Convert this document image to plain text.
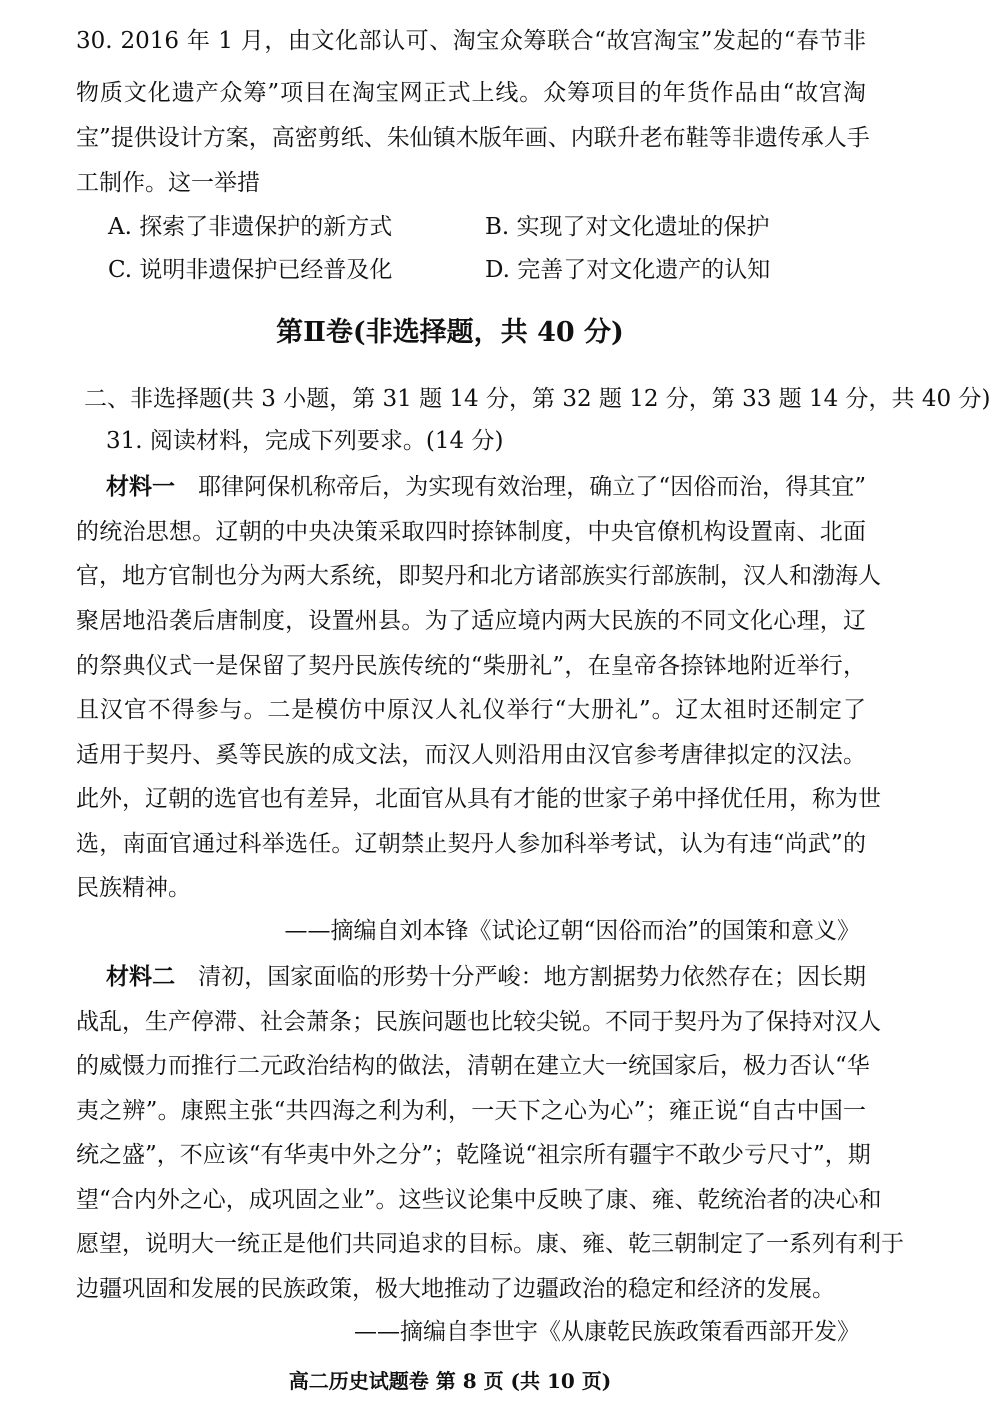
30. 2016 年 1 月，由文化部认可、淘宝众筹联合“故宫淘宝”发起的“春节非
物质文化遗产众筹”项目在淘宝网正式上线。众筹项目的年货作品由“故宫淘
宝”提供设计方案，高密剪纸、朱仙镇木版年画、内联升老布鞋等非遗传承人手
工制作。这一举措
A. 探索了非遗保护的新方式	B. 实现了对文化遗址的保护
C. 说明非遗保护已经普及化	D. 完善了对文化遗产的认知
第Ⅱ卷(非选择题，共 40 分)
二、非选择题(共 3 小题，第 31 题 14 分，第 32 题 12 分，第 33 题 14 分，共 40 分)
31. 阅读材料，完成下列要求。(14 分)
材料一　 耶律阿保机称帝后，为实现有效治理，确立了“因俗而治，得其宜”
的统治思想。辽朝的中央决策采取四时捺钵制度，中央官僚机构设置南、北面
官，地方官制也分为两大系统，即契丹和北方诸部族实行部族制，汉人和渤海人
聚居地沿袭后唐制度，设置州县。为了适应境内两大民族的不同文化心理，辽
的祭典仪式一是保留了契丹民族传统的“柴册礼”，在皇帝各捺钵地附近举行，
且汉官不得参与。二是模仿中原汉人礼仪举行“大册礼”。辽太祖时还制定了
适用于契丹、奚等民族的成文法，而汉人则沿用由汉官参考唐律拟定的汉法。
此外，辽朝的选官也有差异，北面官从具有才能的世家子弟中择优任用，称为世
选，南面官通过科举选任。辽朝禁止契丹人参加科举考试，认为有违“尚武”的
民族精神。
——摘编自刘本锋《试论辽朝“因俗而治”的国策和意义》
材料二　 清初，国家面临的形势十分严峻：地方割据势力依然存在；因长期
战乱，生产停滞、社会萧条；民族问题也比较尖锐。不同于契丹为了保持对汉人
的威慑力而推行二元政治结构的做法，清朝在建立大一统国家后，极力否认“华
夷之辨”。康熙主张“共四海之利为利，一天下之心为心”；雍正说“自古中国一
统之盛”，不应该“有华夷中外之分”；乾隆说“祖宗所有疆宇不敢少亏尺寸”，期
望“合内外之心，成巩固之业”。这些议论集中反映了康、雍、乾统治者的决心和
愿望，说明大一统正是他们共同追求的目标。康、雍、乾三朝制定了一系列有利于
边疆巩固和发展的民族政策，极大地推动了边疆政治的稳定和经济的发展。
——摘编自李世宇《从康乾民族政策看西部开发》
高二历史试题卷 第 8 页 (共 10 页)
